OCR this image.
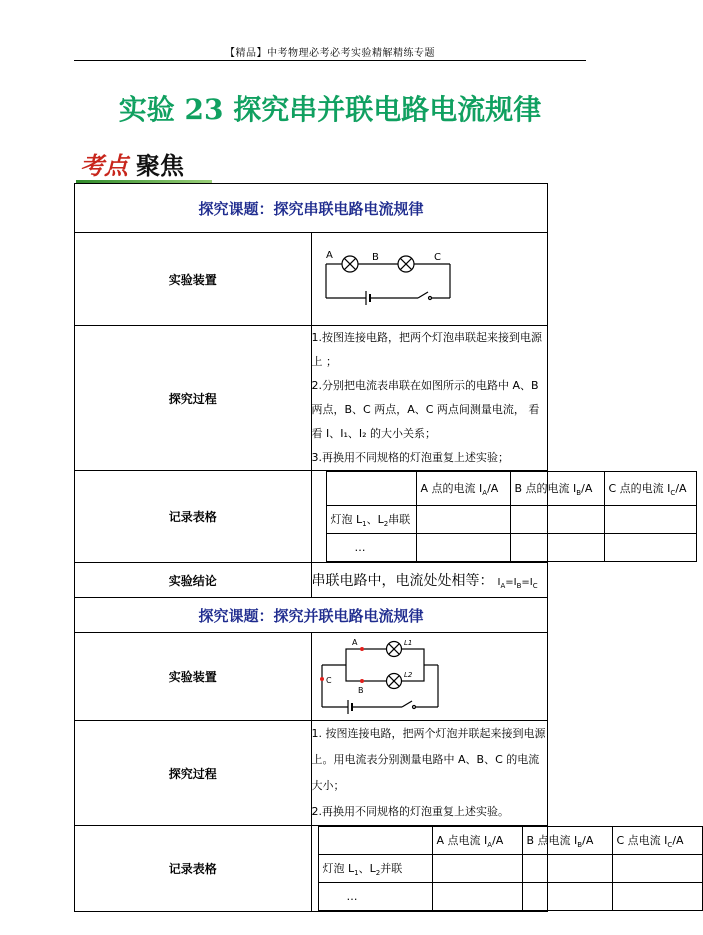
【精品】中考物理必考必考实验精解精练专题
实验 23 探究串并联电路电流规律
考点 聚焦
探究课题：探究串联电路电流规律
实验装置	
A	B	C

探究过程	
1.按图连接电路，把两个灯泡串联起来接到电源上 ；
2.分别把电流表串联在如图所示的电路中 A、B 两点，B、C 两点，A、C 两点间测量电流， 看看 I、I₁、I₂ 的大小关系；
3.再换用不同规格的灯泡重复上述实验；

记录表格	
	A 点的电流 $I_A/A$	B 点的电流 $I_B/A$	C 点的电流 $I_C/A$
灯泡 $L_1$、$L_2$串联			
…			

实验结论	串联电路中，电流处处相等： $I_A=I_B=I_C$
探究课题：探究并联电路电流规律
实验装置	
A
B
C
L1
L2

探究过程	
1. 按图连接电路，把两个灯泡并联起来接到电源上。用电流表分别测量电路中 A、B、C 的电流大小；
2.再换用不同规格的灯泡重复上述实验。

记录表格	
	A 点电流 $I_A/A$	B 点电流 $I_B/A$	C 点电流 $I_C/A$
灯泡 $L_1$、$L_2$并联			
…			
